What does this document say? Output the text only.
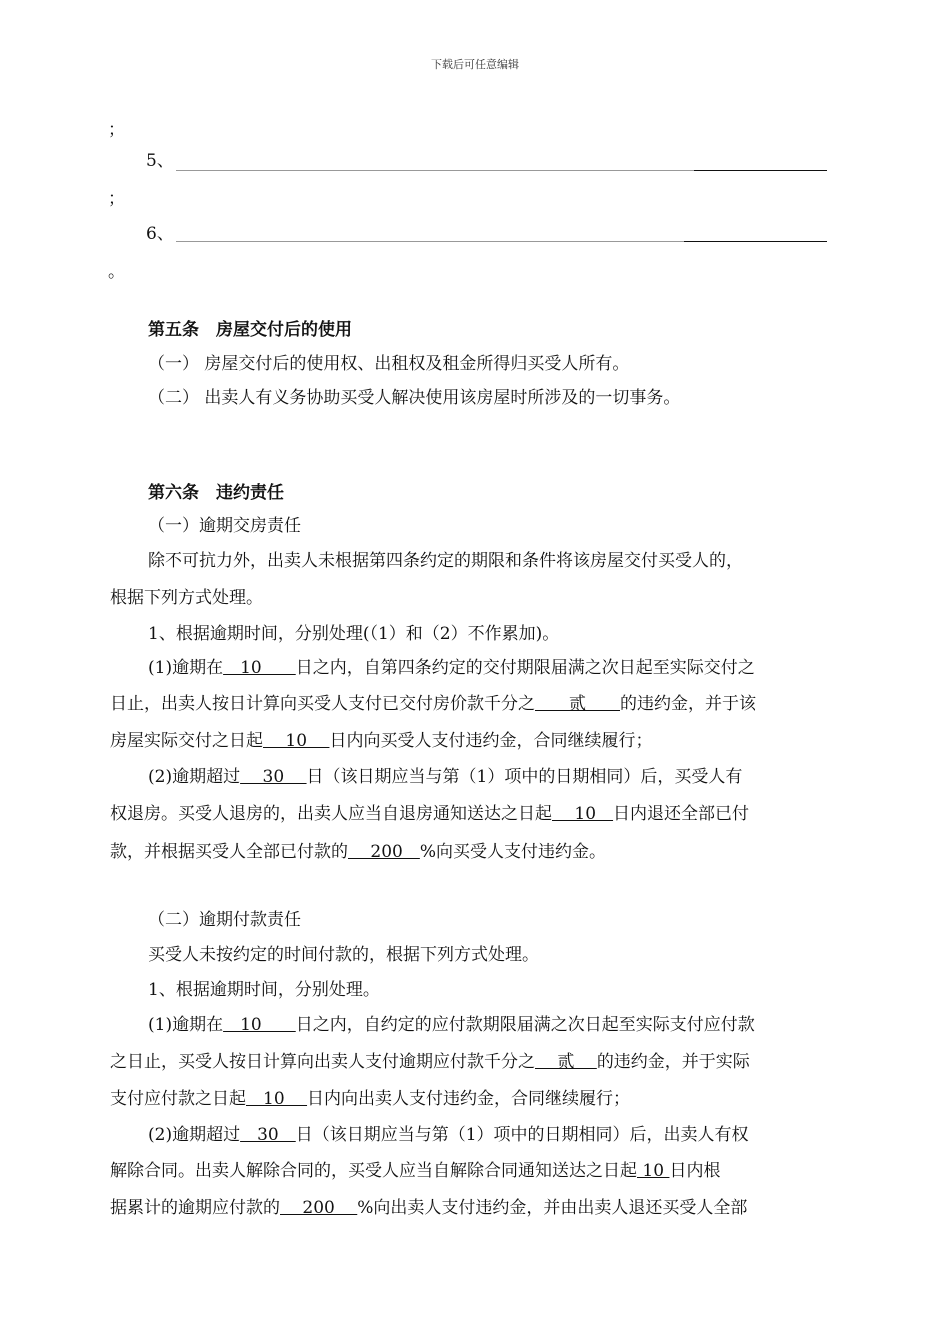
下载后可任意编辑
；
5、
；
6、
。
第五条　房屋交付后的使用
（一） 房屋交付后的使用权、出租权及租金所得归买受人所有。
（二） 出卖人有义务协助买受人解决使用该房屋时所涉及的一切事务。
第六条　违约责任
（一）逾期交房责任
除不可抗力外，出卖人未根据第四条约定的期限和条件将该房屋交付买受人的，
根据下列方式处理。
1、根据逾期时间，分别处理(（1）和（2）不作累加)。
(1)逾期在　10　　日之内，自第四条约定的交付期限届满之次日起至实际交付之
日止，出卖人按日计算向买受人支付已交付房价款千分之　　贰　　的违约金，并于该
房屋实际交付之日起　 10　 日内向买受人支付违约金，合同继续履行；
(2)逾期超过　 30　 日（该日期应当与第（1）项中的日期相同）后，买受人有
权退房。买受人退房的，出卖人应当自退房通知送达之日起　 10　日内退还全部已付
款，并根据买受人全部已付款的　 200　%向买受人支付违约金。
（二）逾期付款责任
买受人未按约定的时间付款的，根据下列方式处理。
1、根据逾期时间，分别处理。
(1)逾期在　10　　日之内，自约定的应付款期限届满之次日起至实际支付应付款
之日止，买受人按日计算向出卖人支付逾期应付款千分之　 贰　 的违约金，并于实际
支付应付款之日起　10　 日内向出卖人支付违约金，合同继续履行；
(2)逾期超过　30　日（该日期应当与第（1）项中的日期相同）后，出卖人有权
解除合同。出卖人解除合同的，买受人应当自解除合同通知送达之日起 10 日内根
据累计的逾期应付款的　 200　 %向出卖人支付违约金，并由出卖人退还买受人全部
